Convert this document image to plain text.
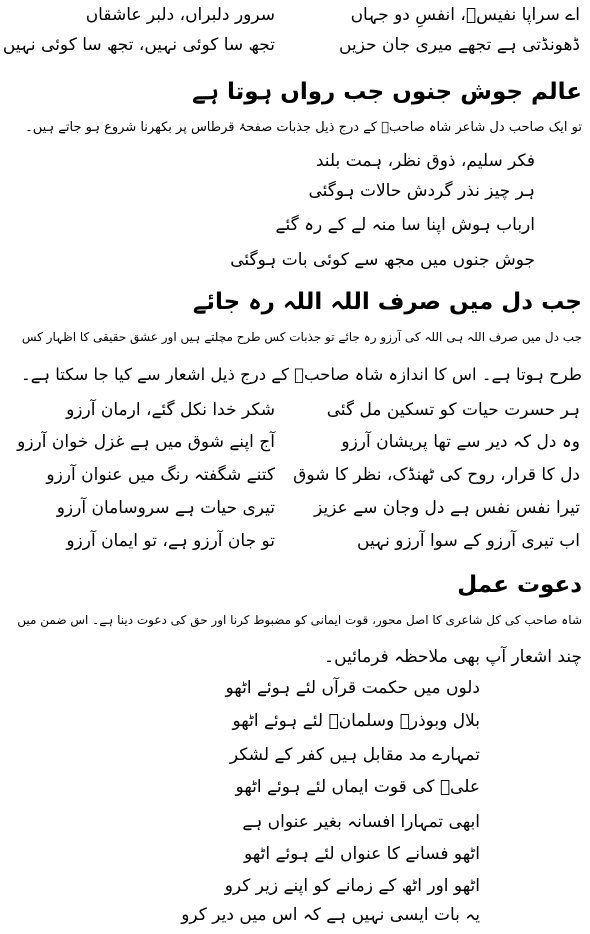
اے سراپا نفیسؔ، انفسِ دو جہاں
سرور دلبراں، دلبر عاشقاں
ڈھونڈتی ہے تجھے میری جان حزیں
تجھ سا کوئی نہیں، تجھ سا کوئی نہیں
عالم جوش جنوں جب رواں ہوتا ہے
تو ایک صاحب دل شاعر شاہ صاحبؒ کے درج ذیل جذبات صفحۂ قرطاس پر بکھرنا شروع ہو جاتے ہیں۔
فکر سلیم، ذوق نظر، ہمت بلند
ہر چیز نذر گردش حالات ہوگئی
ارباب ہوش اپنا سا منہ لے کے رہ گئے
جوش جنوں میں مجھ سے کوئی بات ہوگئی
جب دل میں صرف اللہ اللہ رہ جائے
جب دل میں صرف اللہ ہی اللہ کی آرزو رہ جائے تو جذبات کس طرح مچلتے ہیں اور عشق حقیقی کا اظہار کس
طرح ہوتا ہے۔ اس کا اندازہ شاہ صاحبؒ کے درج ذیل اشعار سے کیا جا سکتا ہے۔
ہر حسرت حیات کو تسکین مل گئی
شکر خدا نکل گئے، ارمان آرزو
وہ دل کہ دیر سے تھا پریشان آرزو
آج اپنے شوق میں ہے غزل خوان آرزو
دل کا قرار، روح کی ٹھنڈک، نظر کا شوق
کتنے شگفتہ رنگ میں عنوان آرزو
تیرا نفس نفس ہے دل وجان سے عزیز
تیری حیات ہے سروسامان آرزو
اب تیری آرزو کے سوا آرزو نہیں
تو جان آرزو ہے، تو ایمان آرزو
دعوت عمل
شاہ صاحب کی کل شاعری کا اصل محور، قوت ایمانی کو مضبوط کرنا اور حق کی دعوت دینا ہے۔ اس ضمن میں
چند اشعار آپ بھی ملاحظہ فرمائیں۔
دلوں میں حکمت قرآں لئے ہوئے اٹھو
بلال وبوذرؓ وسلمانؓ لئے ہوئے اٹھو
تمہارے مد مقابل ہیں کفر کے لشکر
علیؓ کی قوت ایماں لئے ہوئے اٹھو
ابھی تمہارا افسانہ بغیر عنواں ہے
اٹھو فسانے کا عنواں لئے ہوئے اٹھو
اٹھو اور اٹھ کے زمانے کو اپنے زیر کرو
یہ بات ایسی نہیں ہے کہ اس میں دیر کرو
